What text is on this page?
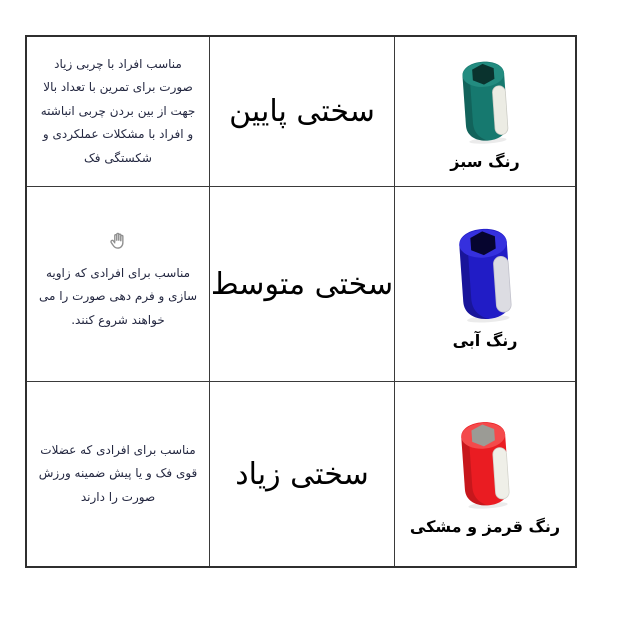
مناسب افراد با چربی زیاد صورت برای تمرین با تعداد بالا جهت از بین بردن چربی انباشته و افراد با مشکلات عملکردی و شکستگی فک
سختی پایین
رنگ سبز
مناسب برای افرادی که زاویه سازی و فرم دهی صورت را می خواهند شروع کنند.
سختی متوسط
رنگ آبی
مناسب برای افرادی که عضلات قوی فک و یا پیش ضمینه ورزش صورت را دارند
سختی زیاد
رنگ قرمز و مشکی
